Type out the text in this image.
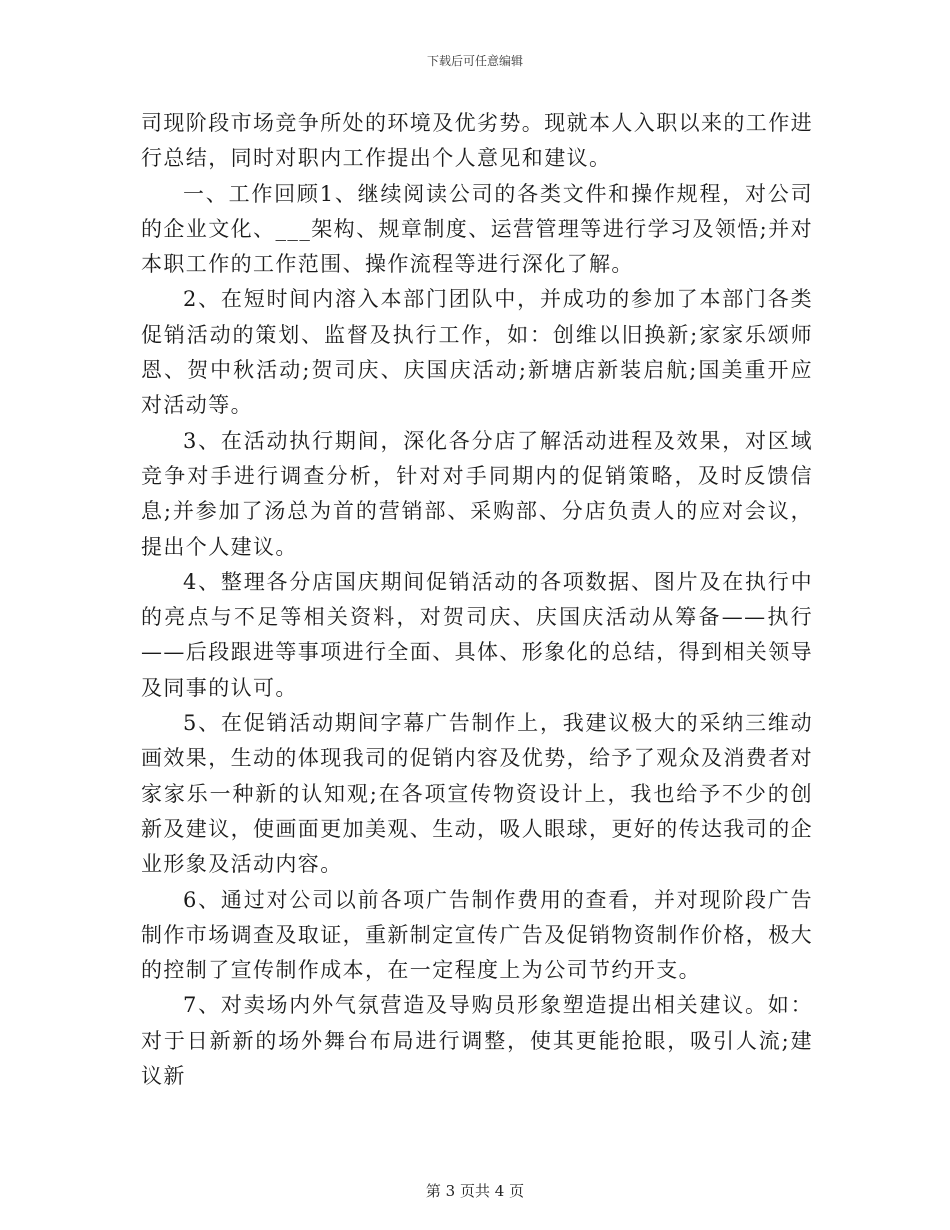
下载后可任意编辑

司现阶段市场竞争所处的环境及优劣势。现就本人入职以来的工作进行总结，同时对职内工作提出个人意见和建议。

一、工作回顾1、继续阅读公司的各类文件和操作规程，对公司的企业文化、___架构、规章制度、运营管理等进行学习及领悟;并对本职工作的工作范围、操作流程等进行深化了解。

2、在短时间内溶入本部门团队中，并成功的参加了本部门各类促销活动的策划、监督及执行工作，如：创维以旧换新;家家乐颂师恩、贺中秋活动;贺司庆、庆国庆活动;新塘店新装启航;国美重开应对活动等。

3、在活动执行期间，深化各分店了解活动进程及效果，对区域竞争对手进行调查分析，针对对手同期内的促销策略，及时反馈信息;并参加了汤总为首的营销部、采购部、分店负责人的应对会议，提出个人建议。

4、整理各分店国庆期间促销活动的各项数据、图片及在执行中的亮点与不足等相关资料，对贺司庆、庆国庆活动从筹备——执行——后段跟进等事项进行全面、具体、形象化的总结，得到相关领导及同事的认可。

5、在促销活动期间字幕广告制作上，我建议极大的采纳三维动画效果，生动的体现我司的促销内容及优势，给予了观众及消费者对家家乐一种新的认知观;在各项宣传物资设计上，我也给予不少的创新及建议，使画面更加美观、生动，吸人眼球，更好的传达我司的企业形象及活动内容。

6、通过对公司以前各项广告制作费用的查看，并对现阶段广告制作市场调查及取证，重新制定宣传广告及促销物资制作价格，极大的控制了宣传制作成本，在一定程度上为公司节约开支。

7、对卖场内外气氛营造及导购员形象塑造提出相关建议。如：对于日新新的场外舞台布局进行调整，使其更能抢眼，吸引人流;建议新

第 3 页共 4 页
